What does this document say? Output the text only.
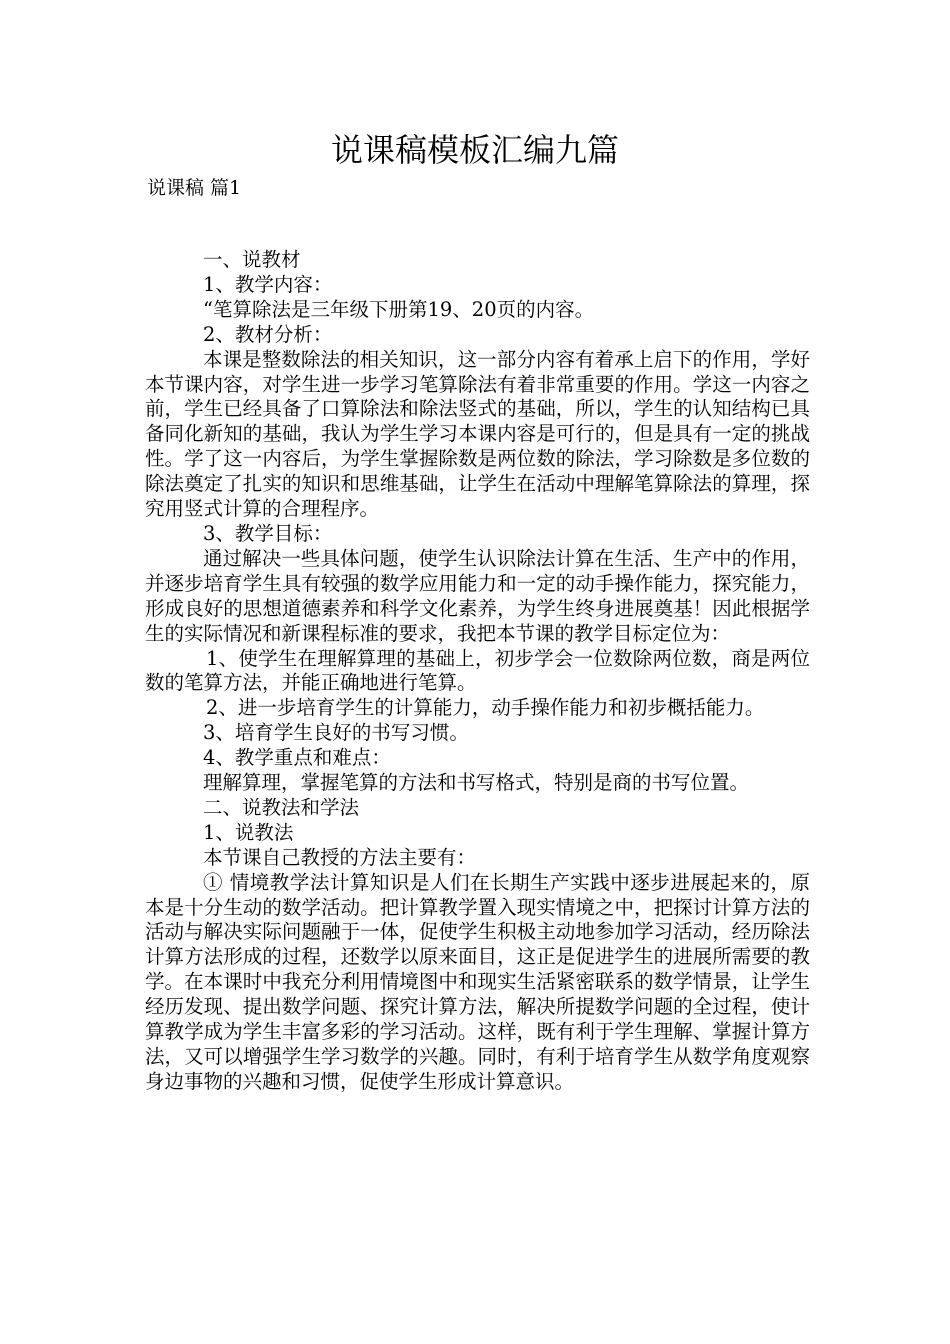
说课稿模板汇编九篇
说课稿 篇1

一、说教材

1、教学内容：

“笔算除法是三年级下册第19、20页的内容。

2、教材分析：

本课是整数除法的相关知识，这一部分内容有着承上启下的作用，学好本节课内容，对学生进一步学习笔算除法有着非常重要的作用。学这一内容之前，学生已经具备了口算除法和除法竖式的基础，所以，学生的认知结构已具备同化新知的基础，我认为学生学习本课内容是可行的，但是具有一定的挑战性。学了这一内容后，为学生掌握除数是两位数的除法，学习除数是多位数的除法奠定了扎实的知识和思维基础，让学生在活动中理解笔算除法的算理，探究用竖式计算的合理程序。

3、教学目标：

通过解决一些具体问题，使学生认识除法计算在生活、生产中的作用，并逐步培育学生具有较强的数学应用能力和一定的动手操作能力，探究能力，形成良好的思想道德素养和科学文化素养，为学生终身进展奠基！因此根据学生的实际情况和新课程标准的要求，我把本节课的教学目标定位为：

1、使学生在理解算理的基础上，初步学会一位数除两位数，商是两位数的笔算方法，并能正确地进行笔算。

2、进一步培育学生的计算能力，动手操作能力和初步概括能力。

3、培育学生良好的书写习惯。

4、教学重点和难点：

理解算理，掌握笔算的方法和书写格式，特别是商的书写位置。

二、说教法和学法

1、说教法

本节课自己教授的方法主要有：

① 情境教学法计算知识是人们在长期生产实践中逐步进展起来的，原本是十分生动的数学活动。把计算教学置入现实情境之中，把探讨计算方法的活动与解决实际问题融于一体，促使学生积极主动地参加学习活动，经历除法计算方法形成的过程，还数学以原来面目，这正是促进学生的进展所需要的教学。在本课时中我充分利用情境图中和现实生活紧密联系的数学情景，让学生经历发现、提出数学问题、探究计算方法，解决所提数学问题的全过程，使计算教学成为学生丰富多彩的学习活动。这样，既有利于学生理解、掌握计算方法，又可以增强学生学习数学的兴趣。同时，有利于培育学生从数学角度观察身边事物的兴趣和习惯，促使学生形成计算意识。
